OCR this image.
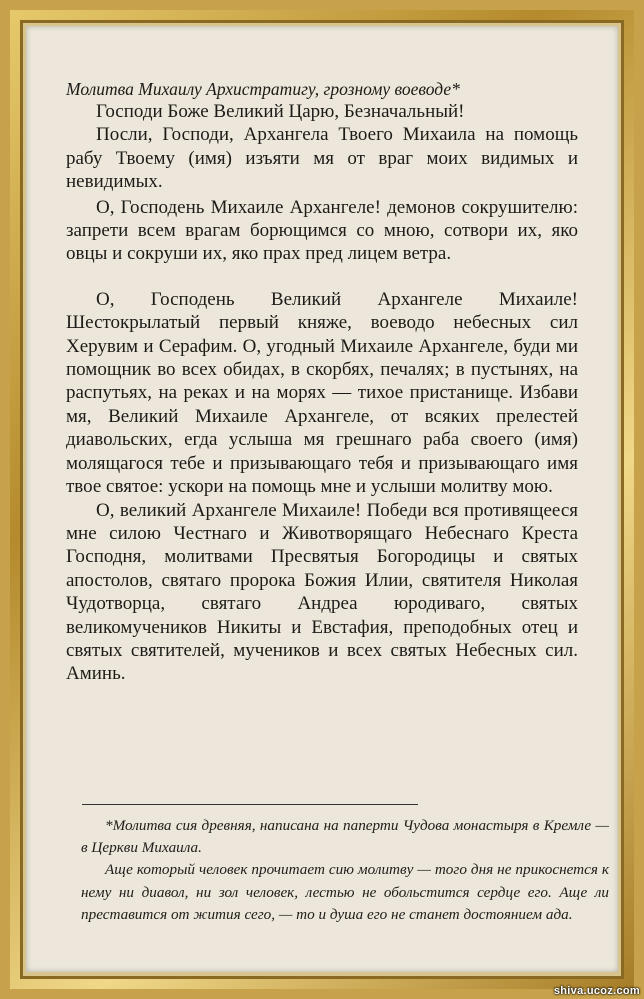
Молитва Михаилу Архистратигу, грозному воеводе*

Господи Боже Великий Царю, Безначальный!

Посли, Господи, Архангела Твоего Михаила на помощь рабу Твоему (имя) изъяти мя от враг моих видимых и невидимых.

О, Господень Михаиле Архангеле! демонов сокрушителю: запрети всем врагам борющимся со мною, сотвори их, яко овцы и сокруши их, яко прах пред лицем ветра.

О, Господень Великий Архангеле Михаиле! Шестокрылатый первый княже, воеводо небесных сил Херувим и Серафим. О, угодный Михаиле Архангеле, буди ми помощник во всех обидах, в скорбях, печалях; в пустынях, на распутьях, на реках и на морях — тихое пристанище. Избави мя, Великий Михаиле Архангеле, от всяких прелестей диавольских, егда услыша мя грешнаго раба своего (имя) молящагося тебе и призывающаго тебя и призывающаго имя твое святое: ускори на помощь мне и услыши молитву мою.

О, великий Архангеле Михаиле! Победи вся противящееся мне силою Честнаго и Животворящаго Небеснаго Креста Господня, молитвами Пресвятыя Богородицы и святых апостолов, святаго пророка Божия Илии, святителя Николая Чудотворца, святаго Андреа юродиваго, святых великомучеников Никиты и Евстафия, преподобных отец и святых святителей, мучеников и всех святых Небесных сил. Аминь.

*Молитва сия древняя, написана на паперти Чудова монастыря в Кремле — в Церкви Михаила.

Аще который человек прочитает сию молитву — того дня не прикоснется к нему ни диавол, ни зол человек, лестью не обольстится сердце его. Аще ли преставится от жития сего, — то и душа его не станет достоянием ада.

shiva.ucoz.com
